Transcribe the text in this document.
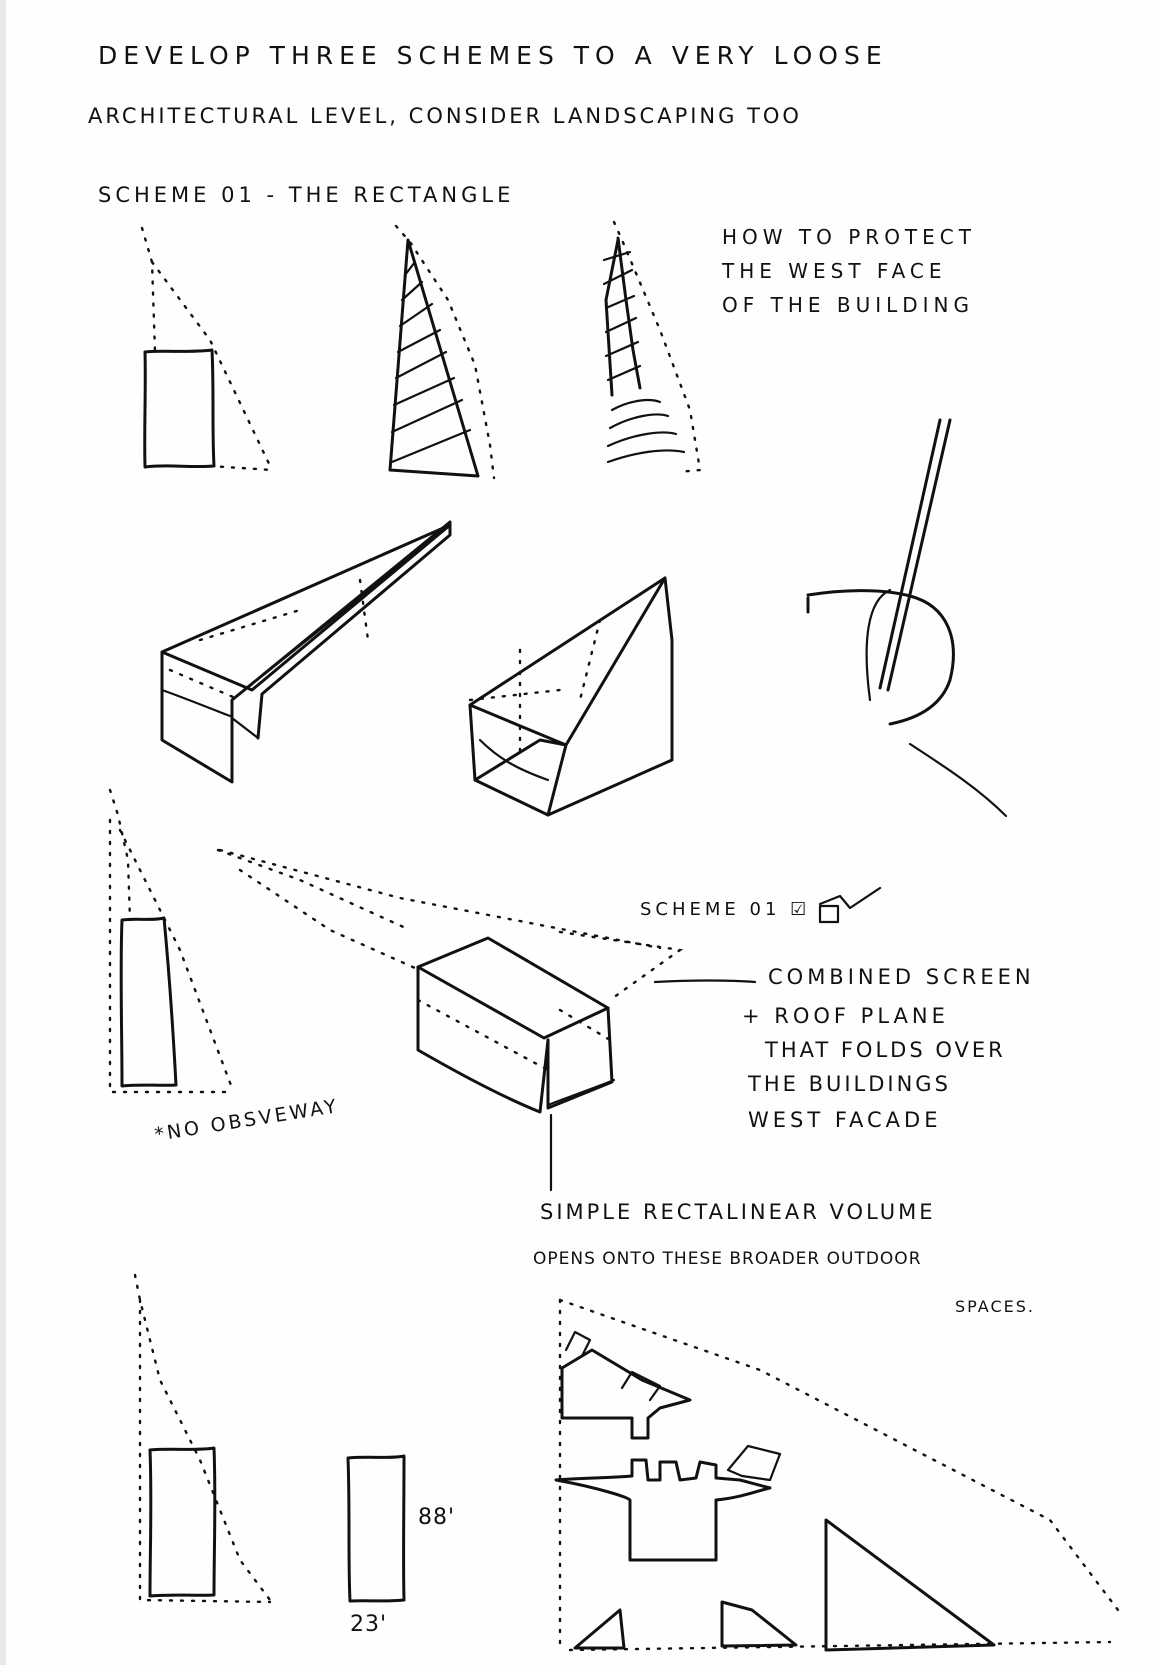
DEVELOP THREE SCHEMES TO A VERY LOOSE
ARCHITECTURAL LEVEL, CONSIDER LANDSCAPING TOO
SCHEME 01 - THE RECTANGLE
HOW TO PROTECT
THE WEST FACE
OF THE BUILDING
SCHEME 01 ☑
COMBINED SCREEN
+ ROOF PLANE
THAT FOLDS OVER
THE BUILDINGS
WEST FACADE
*NO OBSVEWAY
SIMPLE RECTALINEAR VOLUME
OPENS ONTO THESE BROADER OUTDOOR
SPACES.
88'
23'
